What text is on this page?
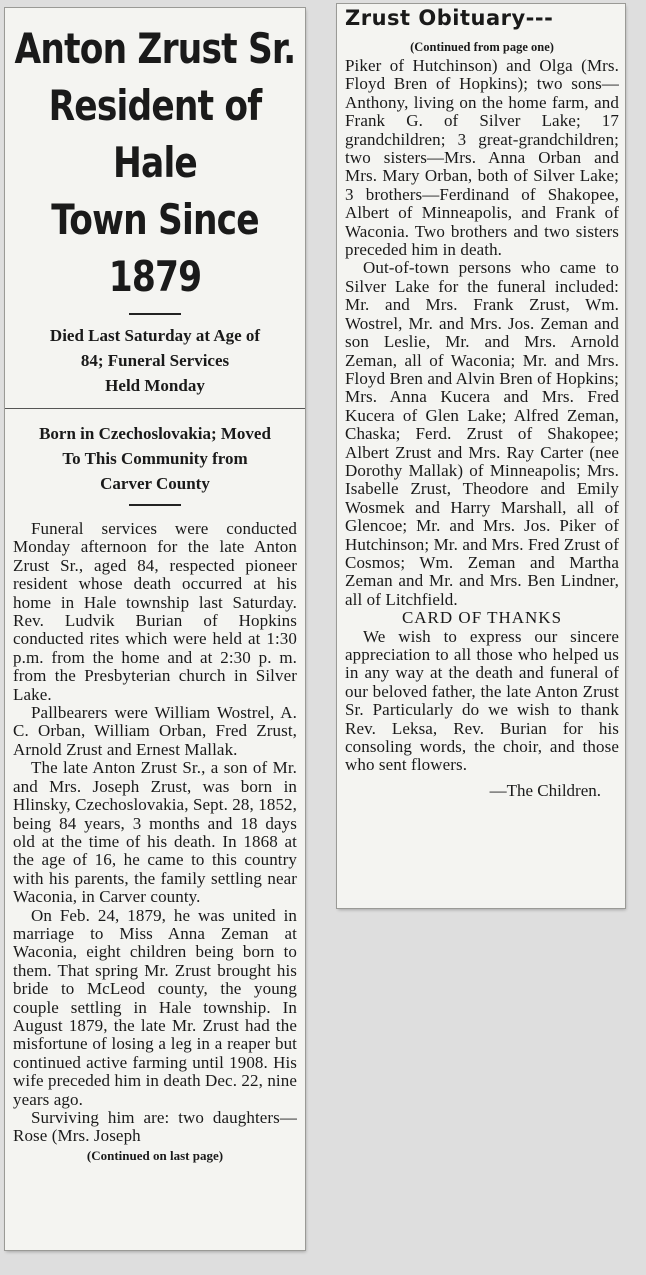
Anton Zrust Sr.
Resident of Hale
Town Since 1879
Died Last Saturday at Age of
84; Funeral Services
Held Monday
Born in Czechoslovakia; Moved
To This Community from
Carver County

Funeral services were conducted Monday afternoon for the late Anton Zrust Sr., aged 84, respected pioneer resident whose death occurred at his home in Hale township last Saturday. Rev. Ludvik Burian of Hopkins conducted rites which were held at 1:30 p.m. from the home and at 2:30 p. m. from the Presbyterian church in Silver Lake.

Pallbearers were William Wostrel, A. C. Orban, William Orban, Fred Zrust, Arnold Zrust and Ernest Mallak.

The late Anton Zrust Sr., a son of Mr. and Mrs. Joseph Zrust, was born in Hlinsky, Czechoslovakia, Sept. 28, 1852, being 84 years, 3 months and 18 days old at the time of his death. In 1868 at the age of 16, he came to this country with his parents, the family settling near Waconia, in Carver county.

On Feb. 24, 1879, he was united in marriage to Miss Anna Zeman at Waconia, eight children being born to them. That spring Mr. Zrust brought his bride to McLeod county, the young couple settling in Hale township. In August 1879, the late Mr. Zrust had the misfortune of losing a leg in a reaper but continued active farming until 1908. His wife preceded him in death Dec. 22, nine years ago.

Surviving him are: two daughters—Rose (Mrs. Joseph

(Continued on last page)
Zrust Obituary---
(Continued from page one)

Piker of Hutchinson) and Olga (Mrs. Floyd Bren of Hopkins); two sons—Anthony, living on the home farm, and Frank G. of Silver Lake; 17 grandchildren; 3 great-grandchildren; two sisters—Mrs. Anna Orban and Mrs. Mary Orban, both of Silver Lake; 3 brothers—Ferdinand of Shakopee, Albert of Minneapolis, and Frank of Waconia. Two brothers and two sisters preceded him in death.

Out-of-town persons who came to Silver Lake for the funeral included: Mr. and Mrs. Frank Zrust, Wm. Wostrel, Mr. and Mrs. Jos. Zeman and son Leslie, Mr. and Mrs. Arnold Zeman, all of Waconia; Mr. and Mrs. Floyd Bren and Alvin Bren of Hopkins; Mrs. Anna Kucera and Mrs. Fred Kucera of Glen Lake; Alfred Zeman, Chaska; Ferd. Zrust of Shakopee; Albert Zrust and Mrs. Ray Carter (nee Dorothy Mallak) of Minneapolis; Mrs. Isabelle Zrust, Theodore and Emily Wosmek and Harry Marshall, all of Glencoe; Mr. and Mrs. Jos. Piker of Hutchinson; Mr. and Mrs. Fred Zrust of Cosmos; Wm. Zeman and Martha Zeman and Mr. and Mrs. Ben Lindner, all of Litchfield.

CARD OF THANKS

We wish to express our sincere appreciation to all those who helped us in any way at the death and funeral of our beloved father, the late Anton Zrust Sr. Particularly do we wish to thank Rev. Leksa, Rev. Burian for his consoling words, the choir, and those who sent flowers.

—The Children.
